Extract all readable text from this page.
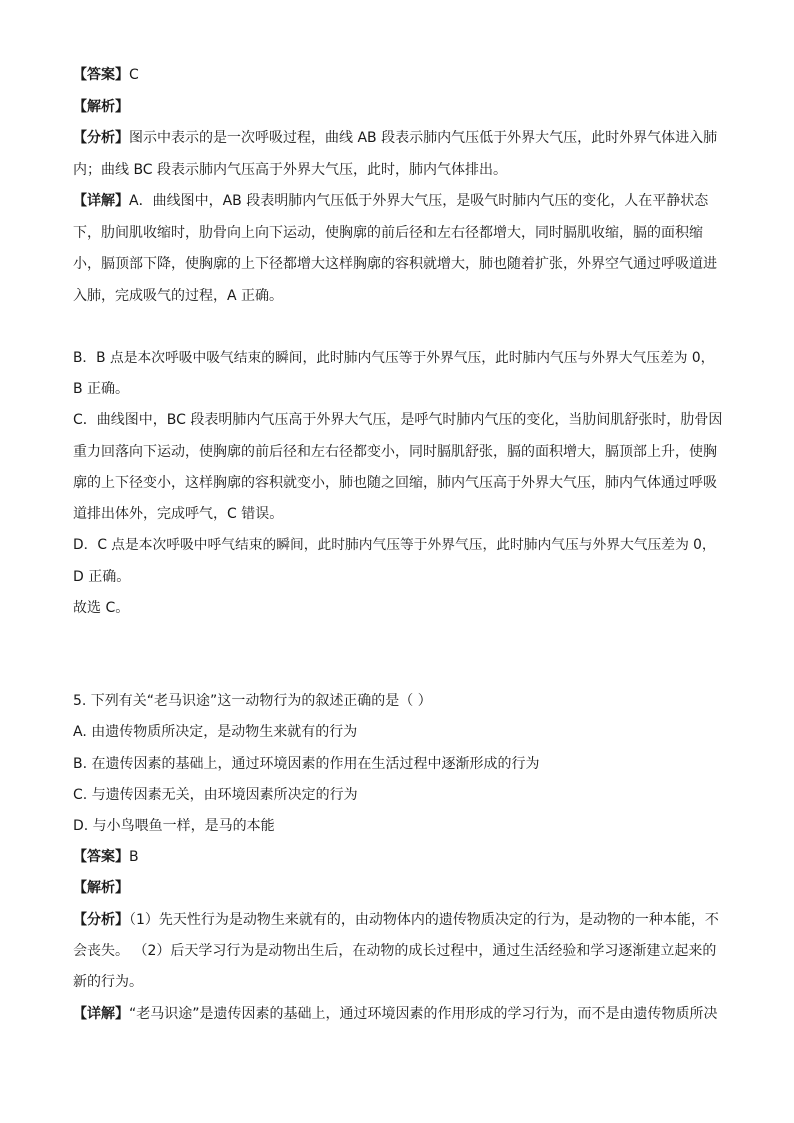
【答案】C
【解析】
【分析】图示中表示的是一次呼吸过程，曲线 AB 段表示肺内气压低于外界大气压，此时外界气体进入肺
内；曲线 BC 段表示肺内气压高于外界大气压，此时，肺内气体排出。
【详解】A．曲线图中，AB 段表明肺内气压低于外界大气压，是吸气时肺内气压的变化，人在平静状态
下，肋间肌收缩时，肋骨向上向下运动，使胸廓的前后径和左右径都增大，同时膈肌收缩，膈的面积缩
小，膈顶部下降，使胸廓的上下径都增大这样胸廓的容积就增大，肺也随着扩张，外界空气通过呼吸道进
入肺，完成吸气的过程，A 正确。
B．B 点是本次呼吸中吸气结束的瞬间，此时肺内气压等于外界气压，此时肺内气压与外界大气压差为 0，
B 正确。
C．曲线图中，BC 段表明肺内气压高于外界大气压，是呼气时肺内气压的变化，当肋间肌舒张时，肋骨因
重力回落向下运动，使胸廓的前后径和左右径都变小，同时膈肌舒张，膈的面积增大，膈顶部上升，使胸
廓的上下径变小，这样胸廓的容积就变小，肺也随之回缩，肺内气压高于外界大气压，肺内气体通过呼吸
道排出体外，完成呼气，C 错误。
D．C 点是本次呼吸中呼气结束的瞬间，此时肺内气压等于外界气压，此时肺内气压与外界大气压差为 0，
D 正确。
故选 C。
5. 下列有关“老马识途”这一动物行为的叙述正确的是（ ）
A. 由遗传物质所决定，是动物生来就有的行为
B. 在遗传因素的基础上，通过环境因素的作用在生活过程中逐渐形成的行为
C. 与遗传因素无关，由环境因素所决定的行为
D. 与小鸟喂鱼一样，是马的本能
【答案】B
【解析】
【分析】（1）先天性行为是动物生来就有的，由动物体内的遗传物质决定的行为，是动物的一种本能，不
会丧失。 （2）后天学习行为是动物出生后，在动物的成长过程中，通过生活经验和学习逐渐建立起来的
新的行为。
【详解】“老马识途”是遗传因素的基础上，通过环境因素的作用形成的学习行为，而不是由遗传物质所决
